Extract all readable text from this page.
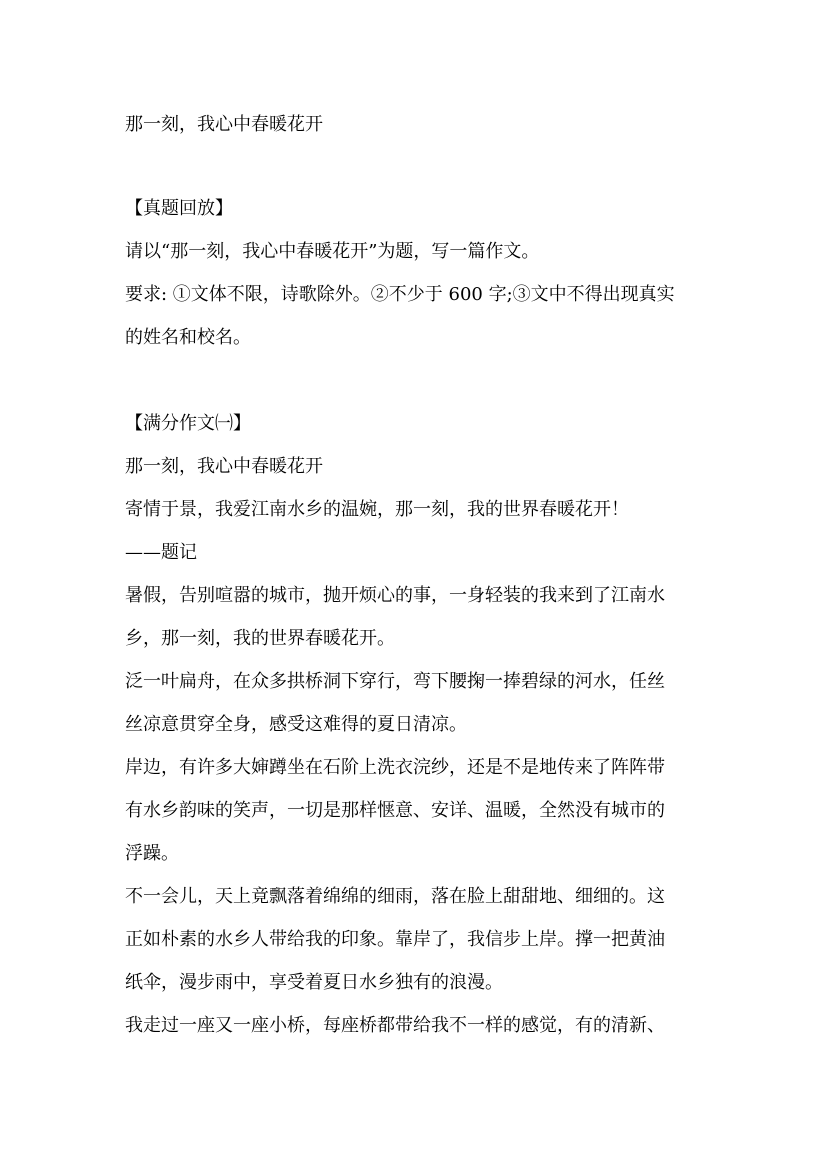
那一刻，我心中春暖花开
【真题回放】
请以“那一刻，我心中春暖花开”为题，写一篇作文。
要求: ①文体不限，诗歌除外。②不少于 600 字;③文中不得出现真实
的姓名和校名。
【满分作文㈠】
那一刻，我心中春暖花开
寄情于景，我爱江南水乡的温婉，那一刻，我的世界春暖花开！
——题记
暑假，告别喧嚣的城市，抛开烦心的事，一身轻装的我来到了江南水
乡，那一刻，我的世界春暖花开。
泛一叶扁舟，在众多拱桥洞下穿行，弯下腰掬一捧碧绿的河水，任丝
丝凉意贯穿全身，感受这难得的夏日清凉。
岸边，有许多大婶蹲坐在石阶上洗衣浣纱，还是不是地传来了阵阵带
有水乡韵味的笑声，一切是那样惬意、安详、温暖，全然没有城市的
浮躁。
不一会儿，天上竟飘落着绵绵的细雨，落在脸上甜甜地、细细的。这
正如朴素的水乡人带给我的印象。靠岸了，我信步上岸。撑一把黄油
纸伞，漫步雨中，享受着夏日水乡独有的浪漫。
我走过一座又一座小桥，每座桥都带给我不一样的感觉，有的清新、
